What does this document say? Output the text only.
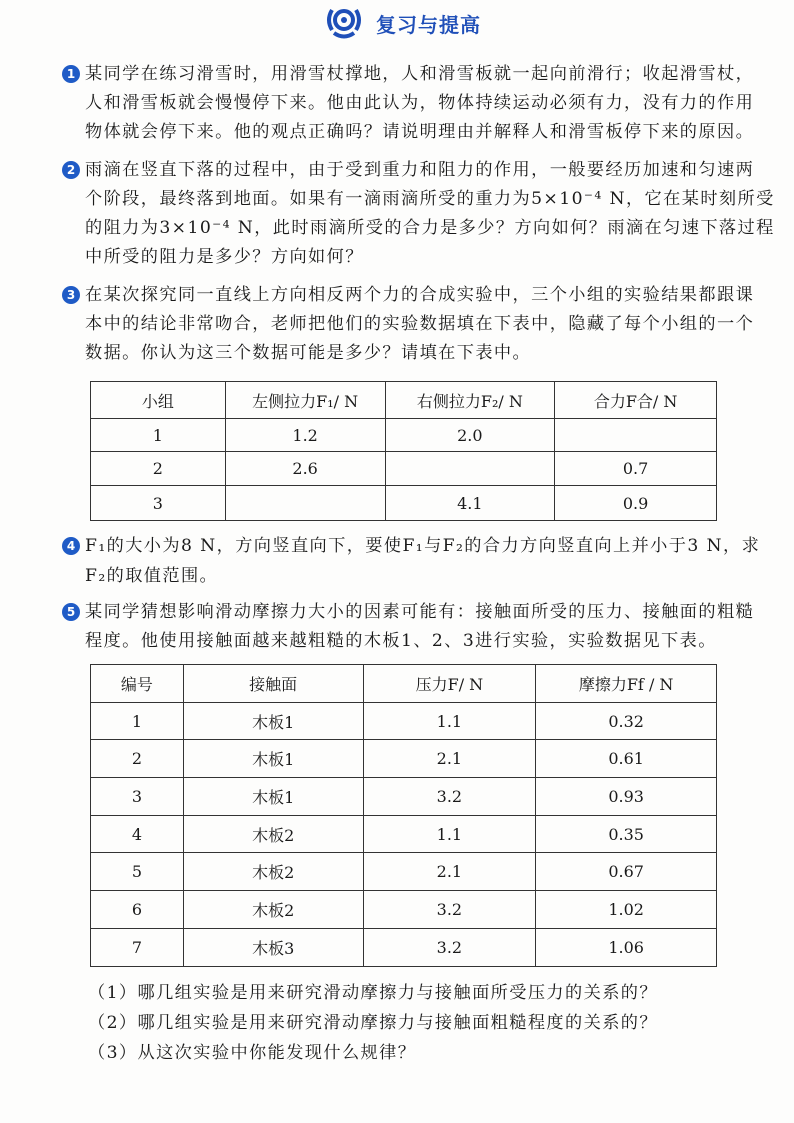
复习与提高
1 某同学在练习滑雪时，用滑雪杖撑地，人和滑雪板就一起向前滑行；收起滑雪杖，
人和滑雪板就会慢慢停下来。他由此认为，物体持续运动必须有力，没有力的作用
物体就会停下来。他的观点正确吗？请说明理由并解释人和滑雪板停下来的原因。
2 雨滴在竖直下落的过程中，由于受到重力和阻力的作用，一般要经历加速和匀速两
个阶段，最终落到地面。如果有一滴雨滴所受的重力为5×10⁻⁴ N，它在某时刻所受
的阻力为3×10⁻⁴ N，此时雨滴所受的合力是多少？方向如何？雨滴在匀速下落过程
中所受的阻力是多少？方向如何？
3 在某次探究同一直线上方向相反两个力的合成实验中，三个小组的实验结果都跟课
本中的结论非常吻合，老师把他们的实验数据填在下表中，隐藏了每个小组的一个
数据。你认为这三个数据可能是多少？请填在下表中。
小组	左侧拉力F₁/ N	右侧拉力F₂/ N	合力F合/ N
1	1.2	2.0	
2	2.6		0.7
3		4.1	0.9
4 F₁的大小为8 N，方向竖直向下，要使F₁与F₂的合力方向竖直向上并小于3 N，求
F₂的取值范围。
5 某同学猜想影响滑动摩擦力大小的因素可能有：接触面所受的压力、接触面的粗糙
程度。他使用接触面越来越粗糙的木板1、2、3进行实验，实验数据见下表。
编号	接触面	压力F/ N	摩擦力Ff / N
1	木板1	1.1	0.32
2	木板1	2.1	0.61
3	木板1	3.2	0.93
4	木板2	1.1	0.35
5	木板2	2.1	0.67
6	木板2	3.2	1.02
7	木板3	3.2	1.06
（1）哪几组实验是用来研究滑动摩擦力与接触面所受压力的关系的？
（2）哪几组实验是用来研究滑动摩擦力与接触面粗糙程度的关系的？
（3）从这次实验中你能发现什么规律？
